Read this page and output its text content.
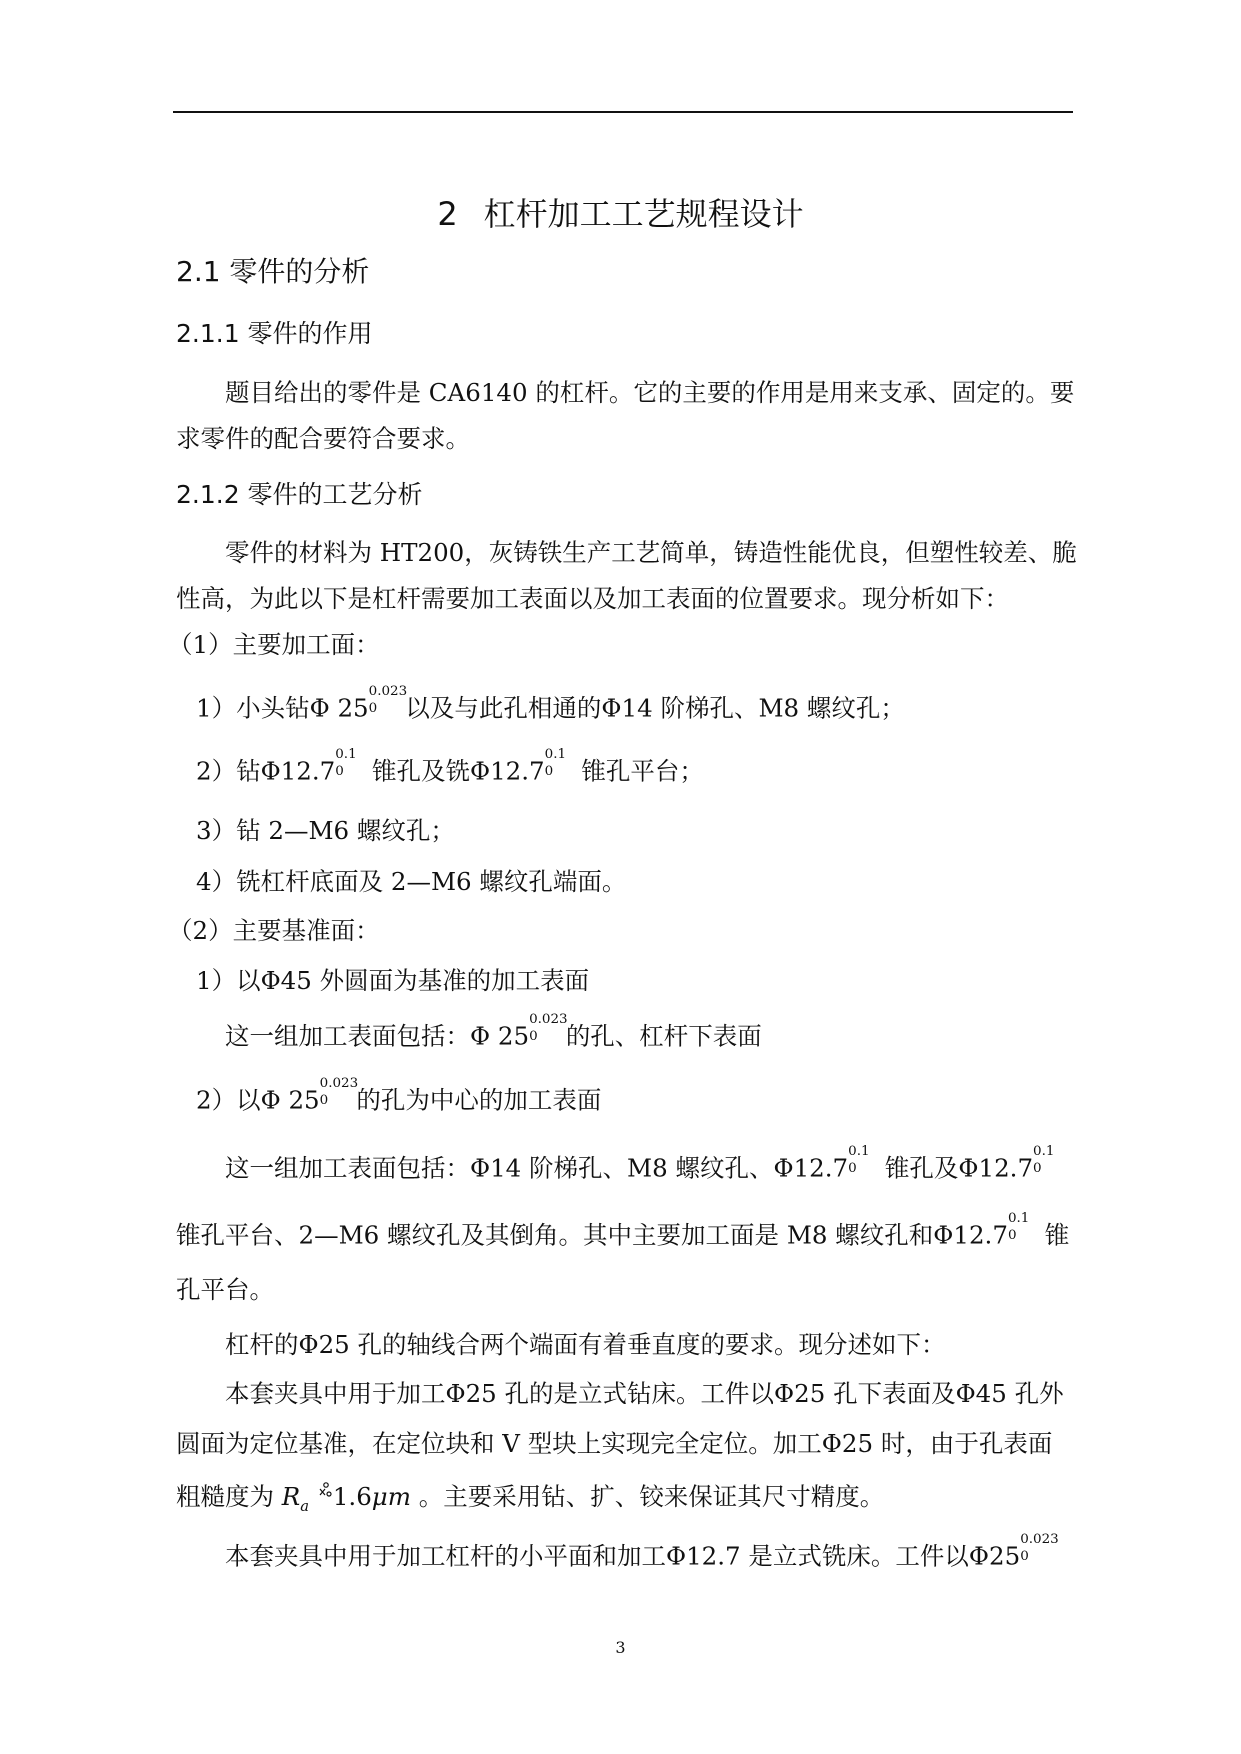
2 杠杆加工工艺规程设计
2.1 零件的分析
2.1.1 零件的作用
题目给出的零件是 CA6140 的杠杆。它的主要的作用是用来支承、固定的。要
求零件的配合要符合要求。
2.1.2 零件的工艺分析
零件的材料为 HT200，灰铸铁生产工艺简单，铸造性能优良，但塑性较差、脆
性高，为此以下是杠杆需要加工表面以及加工表面的位置要求。现分析如下：
（1）主要加工面：
1）小头钻Φ 25
0.023
0 以及与此孔相通的Φ14 阶梯孔、M8 螺纹孔；
2）钻Φ12.7
0.1
0 锥孔及铣Φ12.7
0.1
0 锥孔平台；
3）钻 2—M6 螺纹孔；
4）铣杠杆底面及 2—M6 螺纹孔端面。
（2）主要基准面：
1）以Φ45 外圆面为基准的加工表面
这一组加工表面包括：Φ 25
0.023
0 的孔、杠杆下表面
2）以Φ 25
0.023
0 的孔为中心的加工表面
这一组加工表面包括：Φ14 阶梯孔、M8 螺纹孔、Φ12.7
0.1
0 锥孔及Φ12.7
0.1
0
锥孔平台、2—M6 螺纹孔及其倒角。其中主要加工面是 M8 螺纹孔和Φ12.7
0.1
0 锥
孔平台。
杠杆的Φ25 孔的轴线合两个端面有着垂直度的要求。现分述如下：
本套夹具中用于加工Φ25 孔的是立式钻床。工件以Φ25 孔下表面及Φ45 孔外
圆面为定位基准，在定位块和 V 型块上实现完全定位。加工Φ25 时，由于孔表面
粗糙度为 $R_a$ 1.6μm 。主要采用钻、扩、铰来保证其尺寸精度。
本套夹具中用于加工杠杆的小平面和加工Φ12.7 是立式铣床。工件以Φ25
0.023
0
3
